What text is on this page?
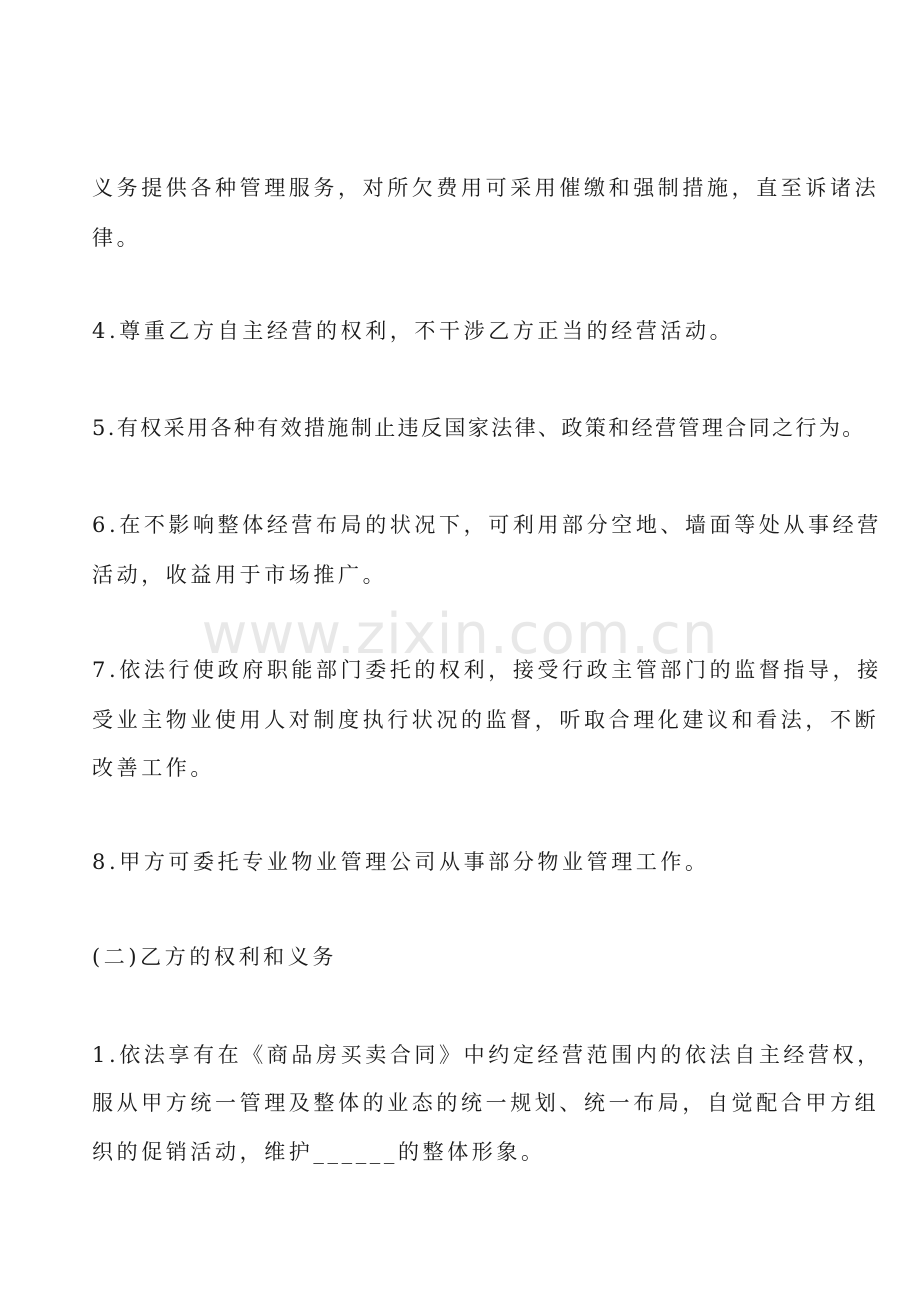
义务提供各种管理服务，对所欠费用可采用催缴和强制措施，直至诉诸法

律。

4.尊重乙方自主经营的权利，不干涉乙方正当的经营活动。

5.有权采用各种有效措施制止违反国家法律、政策和经营管理合同之行为。

6.在不影响整体经营布局的状况下，可利用部分空地、墙面等处从事经营

活动，收益用于市场推广。

7.依法行使政府职能部门委托的权利，接受行政主管部门的监督指导，接

受业主物业使用人对制度执行状况的监督，听取合理化建议和看法，不断

改善工作。

8.甲方可委托专业物业管理公司从事部分物业管理工作。

(二)乙方的权利和义务

1.依法享有在《商品房买卖合同》中约定经营范围内的依法自主经营权，

服从甲方统一管理及整体的业态的统一规划、统一布局，自觉配合甲方组

织的促销活动，维护______的整体形象。

www.zixin.com.cn
